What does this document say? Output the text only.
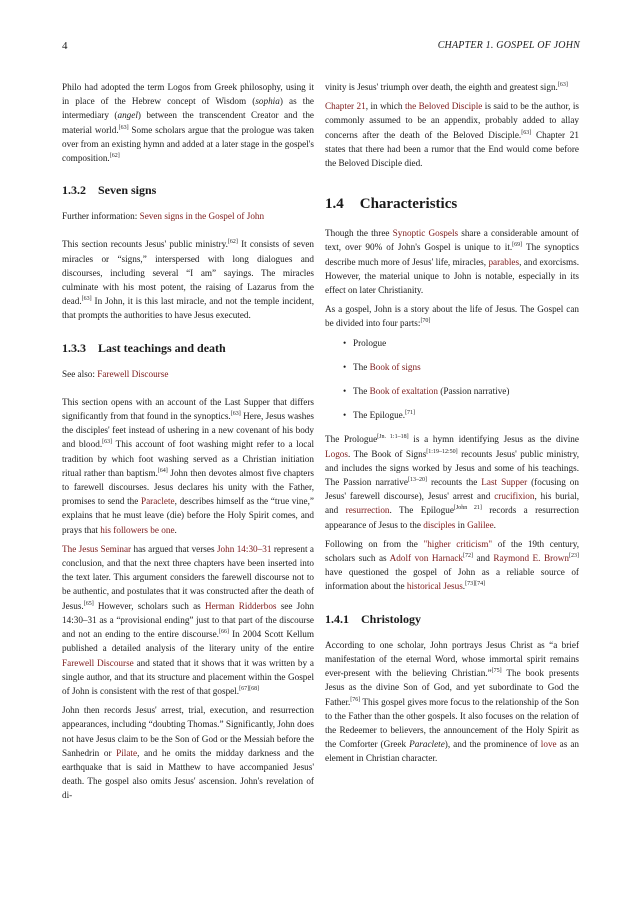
4	CHAPTER 1. GOSPEL OF JOHN

Philo had adopted the term Logos from Greek philosophy, using it in place of the Hebrew concept of Wisdom (sophia) as the intermediary (angel) between the transcendent Creator and the material world.[63] Some scholars argue that the prologue was taken over from an existing hymn and added at a later stage in the gospel's composition.[62]

1.3.2 Seven signs

Further information: Seven signs in the Gospel of John

This section recounts Jesus' public ministry.[62] It consists of seven miracles or “signs,” interspersed with long dialogues and discourses, including several “I am” sayings. The miracles culminate with his most potent, the raising of Lazarus from the dead.[63] In John, it is this last miracle, and not the temple incident, that prompts the authorities to have Jesus executed.

1.3.3 Last teachings and death

See also: Farewell Discourse

This section opens with an account of the Last Supper that differs significantly from that found in the synoptics.[63] Here, Jesus washes the disciples' feet instead of ushering in a new covenant of his body and blood.[63] This account of foot washing might refer to a local tradition by which foot washing served as a Christian initiation ritual rather than baptism.[64] John then devotes almost five chapters to farewell discourses. Jesus declares his unity with the Father, promises to send the Paraclete, describes himself as the “true vine,” explains that he must leave (die) before the Holy Spirit comes, and prays that his followers be one.

The Jesus Seminar has argued that verses John 14:30–31 represent a conclusion, and that the next three chapters have been inserted into the text later. This argument considers the farewell discourse not to be authentic, and postulates that it was constructed after the death of Jesus.[65] However, scholars such as Herman Ridderbos see John 14:30–31 as a “provisional ending” just to that part of the discourse and not an ending to the entire discourse.[66] In 2004 Scott Kellum published a detailed analysis of the literary unity of the entire Farewell Discourse and stated that it shows that it was written by a single author, and that its structure and placement within the Gospel of John is consistent with the rest of that gospel.[67][68]

John then records Jesus' arrest, trial, execution, and resurrection appearances, including “doubting Thomas.” Significantly, John does not have Jesus claim to be the Son of God or the Messiah before the Sanhedrin or Pilate, and he omits the midday darkness and the earthquake that is said in Matthew to have accompanied Jesus' death. The gospel also omits Jesus' ascension. John's revelation of di-

vinity is Jesus' triumph over death, the eighth and greatest sign.[63]

Chapter 21, in which the Beloved Disciple is said to be the author, is commonly assumed to be an appendix, probably added to allay concerns after the death of the Beloved Disciple.[63] Chapter 21 states that there had been a rumor that the End would come before the Beloved Disciple died.

1.4 Characteristics

Though the three Synoptic Gospels share a considerable amount of text, over 90% of John's Gospel is unique to it.[69] The synoptics describe much more of Jesus' life, miracles, parables, and exorcisms. However, the material unique to John is notable, especially in its effect on later Christianity.

As a gospel, John is a story about the life of Jesus. The Gospel can be divided into four parts:[70]

• Prologue
• The Book of signs
• The Book of exaltation (Passion narrative)
• The Epilogue.[71]

The Prologue[Jn. 1:1–18] is a hymn identifying Jesus as the divine Logos. The Book of Signs[1:19–12:50] recounts Jesus' public ministry, and includes the signs worked by Jesus and some of his teachings. The Passion narrative[13–20] recounts the Last Supper (focusing on Jesus' farewell discourse), Jesus' arrest and crucifixion, his burial, and resurrection. The Epilogue[John 21] records a resurrection appearance of Jesus to the disciples in Galilee.

Following on from the "higher criticism" of the 19th century, scholars such as Adolf von Harnack[72] and Raymond E. Brown[23] have questioned the gospel of John as a reliable source of information about the historical Jesus.[73][74]

1.4.1 Christology

According to one scholar, John portrays Jesus Christ as “a brief manifestation of the eternal Word, whose immortal spirit remains ever-present with the believing Christian.”[75] The book presents Jesus as the divine Son of God, and yet subordinate to God the Father.[76] This gospel gives more focus to the relationship of the Son to the Father than the other gospels. It also focuses on the relation of the Redeemer to believers, the announcement of the Holy Spirit as the Comforter (Greek Paraclete), and the prominence of love as an element in Christian character.
